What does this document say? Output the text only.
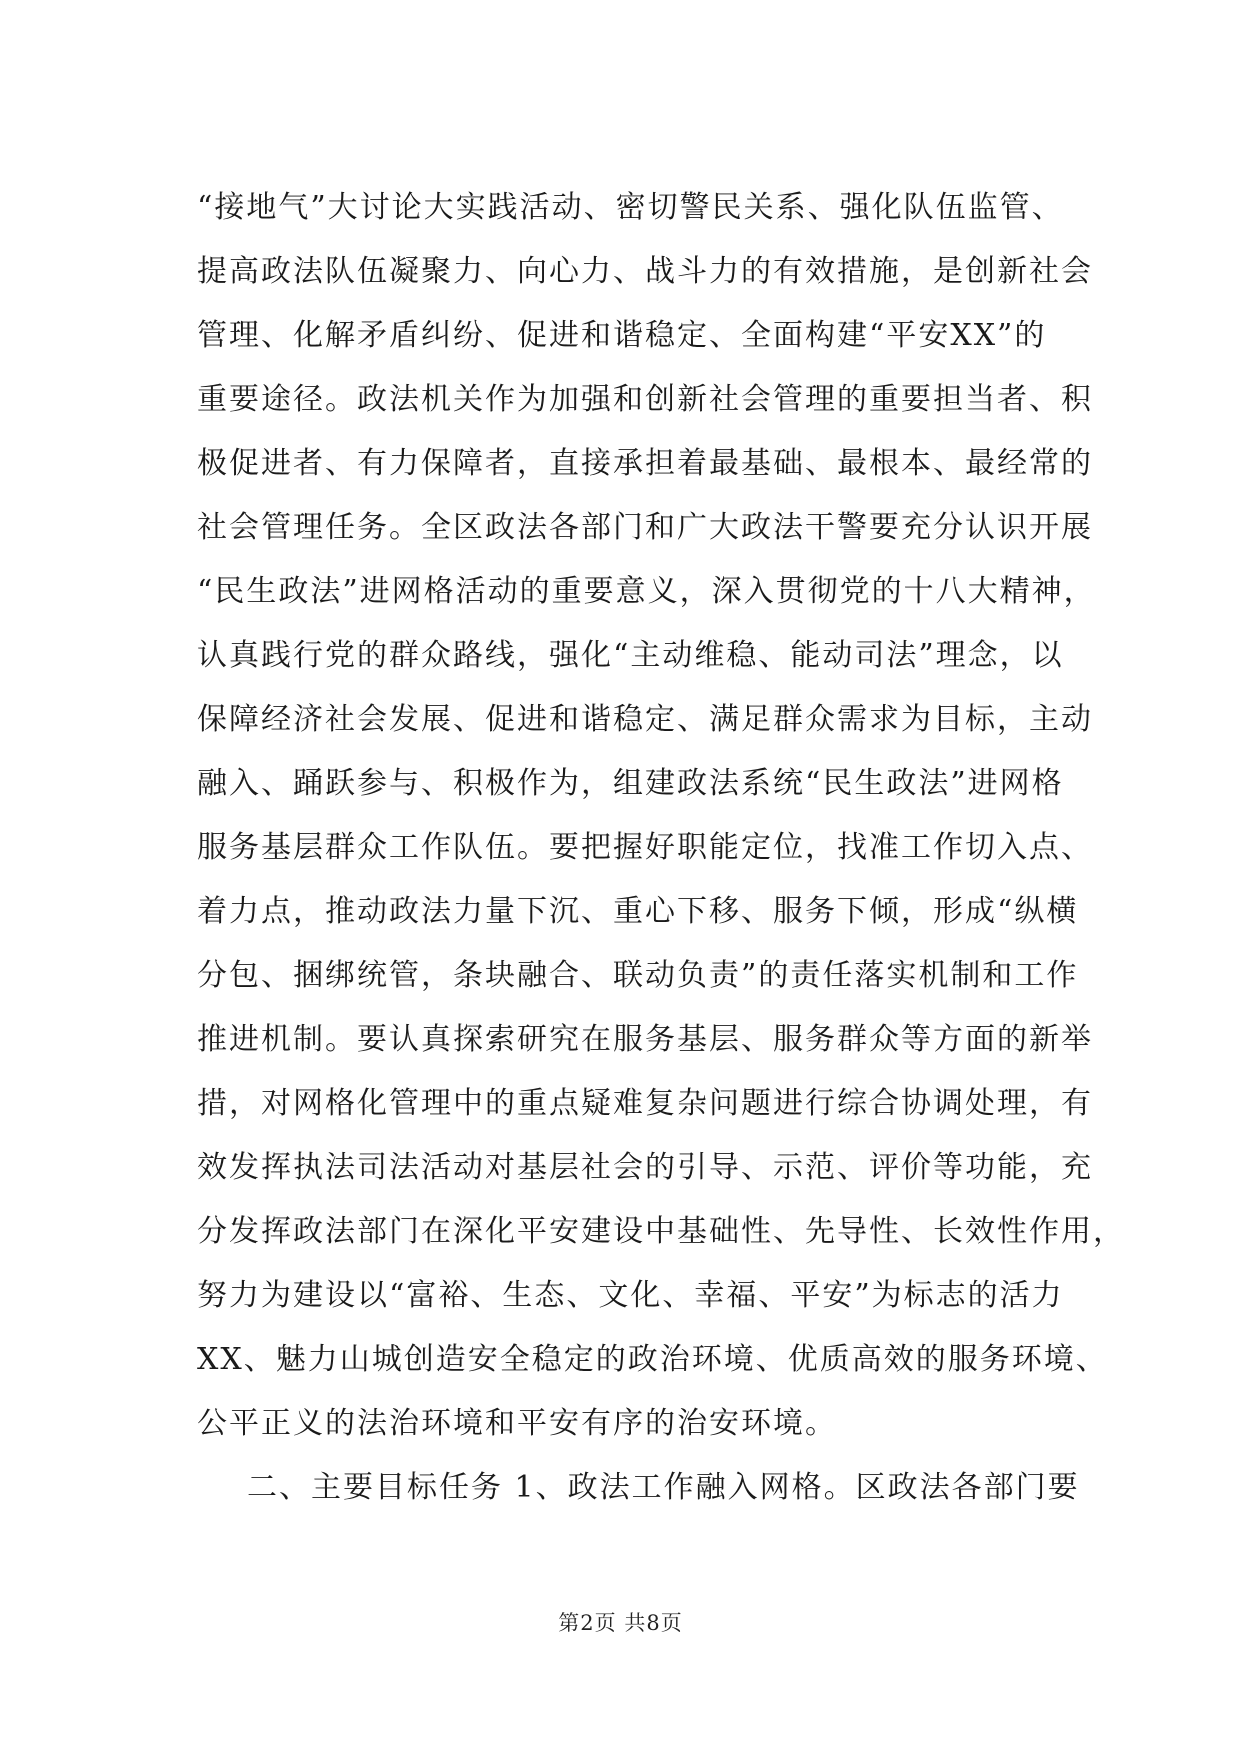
“接地气”大讨论大实践活动、密切警民关系、强化队伍监管、
提高政法队伍凝聚力、向心力、战斗力的有效措施，是创新社会
管理、化解矛盾纠纷、促进和谐稳定、全面构建“平安XX”的
重要途径。政法机关作为加强和创新社会管理的重要担当者、积
极促进者、有力保障者，直接承担着最基础、最根本、最经常的
社会管理任务。全区政法各部门和广大政法干警要充分认识开展
“民生政法”进网格活动的重要意义，深入贯彻党的十八大精神，
认真践行党的群众路线，强化“主动维稳、能动司法”理念，以
保障经济社会发展、促进和谐稳定、满足群众需求为目标，主动
融入、踊跃参与、积极作为，组建政法系统“民生政法”进网格
服务基层群众工作队伍。要把握好职能定位，找准工作切入点、
着力点，推动政法力量下沉、重心下移、服务下倾，形成“纵横
分包、捆绑统管，条块融合、联动负责”的责任落实机制和工作
推进机制。要认真探索研究在服务基层、服务群众等方面的新举
措，对网格化管理中的重点疑难复杂问题进行综合协调处理，有
效发挥执法司法活动对基层社会的引导、示范、评价等功能，充
分发挥政法部门在深化平安建设中基础性、先导性、长效性作用，
努力为建设以“富裕、生态、文化、幸福、平安”为标志的活力
XX、魅力山城创造安全稳定的政治环境、优质高效的服务环境、
公平正义的法治环境和平安有序的治安环境。
二、主要目标任务 1、政法工作融入网格。区政法各部门要
第2页 共8页
